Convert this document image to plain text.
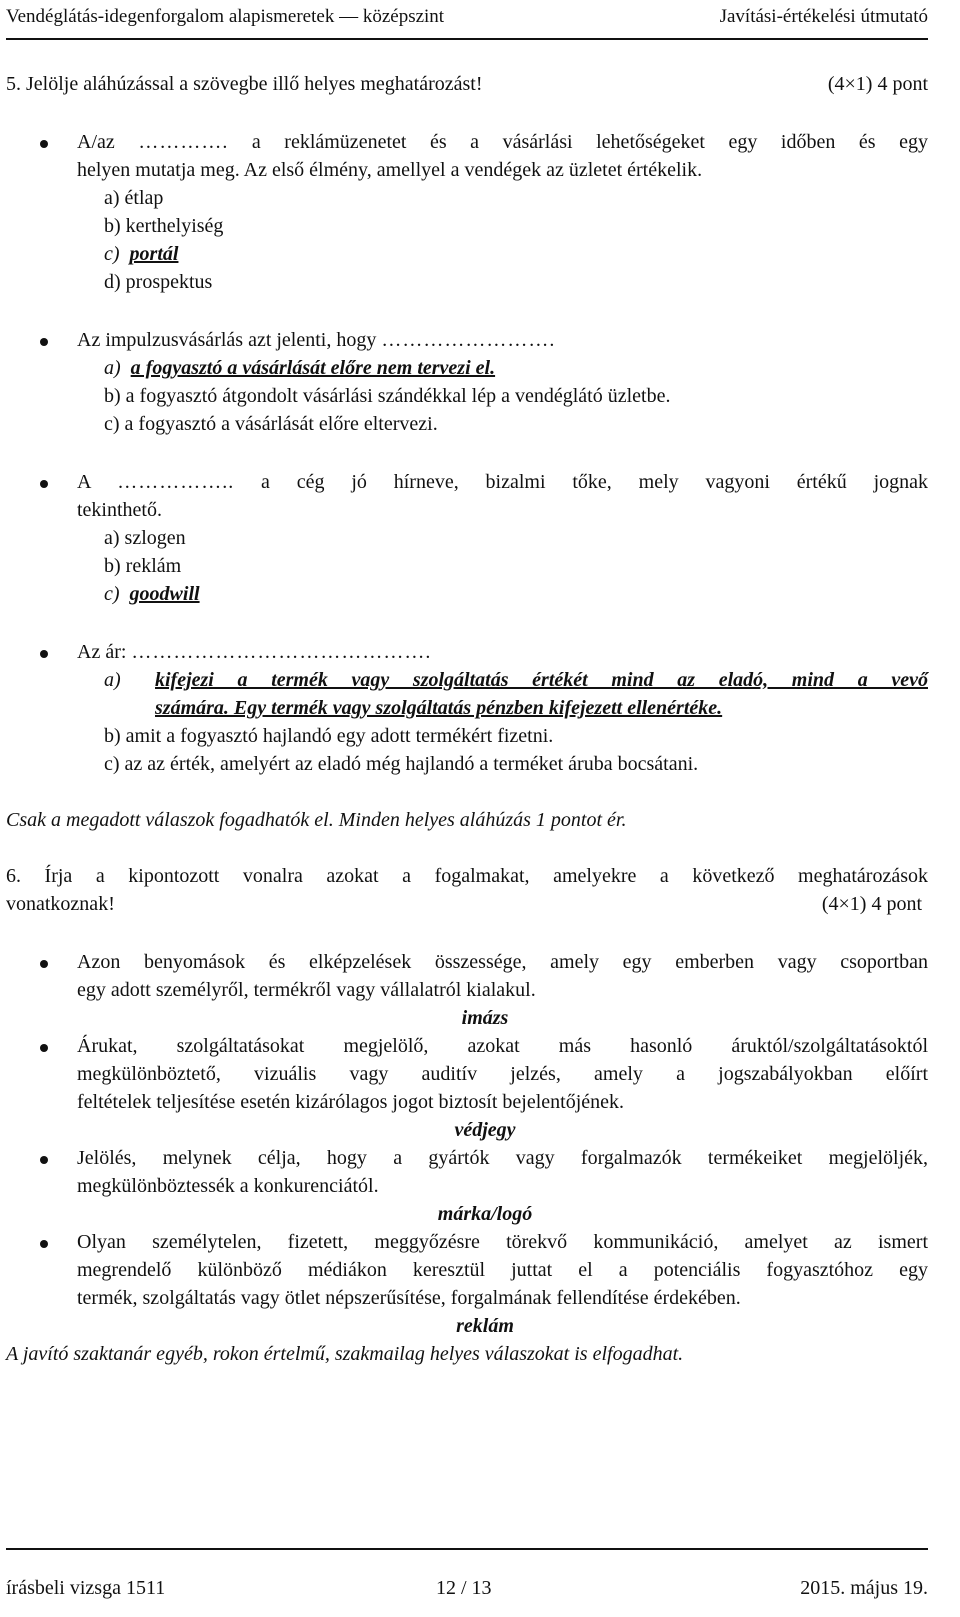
Vendéglátás-idegenforgalom alapismeretek — középszint	Javítási-értékelési útmutató
5. Jelölje aláhúzással a szövegbe illő helyes meghatározást!	(4×1) 4 pont
A/az …………. a reklámüzenetet és a vásárlási lehetőségeket egy időben és egy
helyen mutatja meg. Az első élmény, amellyel a vendégek az üzletet értékelik.
a) étlap
b) kerthelyiség
c) portál
d) prospektus
Az impulzusvásárlás azt jelenti, hogy …………………….
a) a fogyasztó a vásárlását előre nem tervezi el.
b) a fogyasztó átgondolt vásárlási szándékkal lép a vendéglátó üzletbe.
c) a fogyasztó a vásárlását előre eltervezi.
A …………….. a cég jó hírneve, bizalmi tőke, mely vagyoni értékű jognak
tekinthető.
a) szlogen
b) reklám
c) goodwill
Az ár: …………………………………….
a) kifejezi a termék vagy szolgáltatás értékét mind az eladó, mind a vevő
számára. Egy termék vagy szolgáltatás pénzben kifejezett ellenértéke.
b) amit a fogyasztó hajlandó egy adott termékért fizetni.
c) az az érték, amelyért az eladó még hajlandó a terméket áruba bocsátani.
Csak a megadott válaszok fogadhatók el. Minden helyes aláhúzás 1 pontot ér.
6. Írja a kipontozott vonalra azokat a fogalmakat, amelyekre a következő meghatározások
vonatkoznak!	(4×1) 4 pont
Azon benyomások és elképzelések összessége, amely egy emberben vagy csoportban
egy adott személyről, termékről vagy vállalatról kialakul.
imázs
Árukat, szolgáltatásokat megjelölő, azokat más hasonló áruktól/szolgáltatásoktól
megkülönböztető, vizuális vagy auditív jelzés, amely a jogszabályokban előírt
feltételek teljesítése esetén kizárólagos jogot biztosít bejelentőjének.
védjegy
Jelölés, melynek célja, hogy a gyártók vagy forgalmazók termékeiket megjelöljék,
megkülönböztessék a konkurenciától.
márka/logó
Olyan személytelen, fizetett, meggyőzésre törekvő kommunikáció, amelyet az ismert
megrendelő különböző médiákon keresztül juttat el a potenciális fogyasztóhoz egy
termék, szolgáltatás vagy ötlet népszerűsítése, forgalmának fellendítése érdekében.
reklám
A javító szaktanár egyéb, rokon értelmű, szakmailag helyes válaszokat is elfogadhat.
írásbeli vizsga 1511	12 / 13	2015. május 19.
